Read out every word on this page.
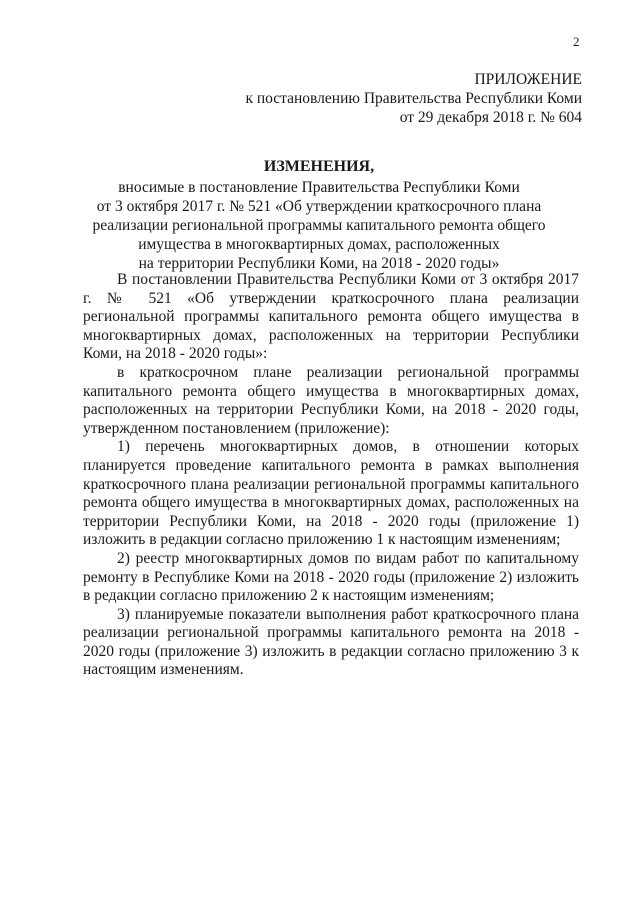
2
ПРИЛОЖЕНИЕ
к постановлению Правительства Республики Коми
от 29 декабря 2018 г. № 604
ИЗМЕНЕНИЯ,
вносимые в постановление Правительства Республики Коми
от 3 октября 2017 г. № 521 «Об утверждении краткосрочного плана
реализации региональной программы капитального ремонта общего
имущества в многоквартирных домах, расположенных
на территории Республики Коми, на 2018 - 2020 годы»

В постановлении Правительства Республики Коми от 3 октября 2017 г. № 521 «Об утверждении краткосрочного плана реализации региональной программы капитального ремонта общего имущества в многоквартирных домах, расположенных на территории Республики Коми, на 2018 - 2020 годы»:

в краткосрочном плане реализации региональной программы капитального ремонта общего имущества в многоквартирных домах, расположенных на территории Республики Коми, на 2018 - 2020 годы, утвержденном постановлением (приложение):

1) перечень многоквартирных домов, в отношении которых планируется проведение капитального ремонта в рамках выполнения краткосрочного плана реализации региональной программы капитального ремонта общего имущества в многоквартирных домах, расположенных на территории Республики Коми, на 2018 - 2020 годы (приложение 1) изложить в редакции согласно приложению 1 к настоящим изменениям;

2) реестр многоквартирных домов по видам работ по капитальному ремонту в Республике Коми на 2018 - 2020 годы (приложение 2) изложить в редакции согласно приложению 2 к настоящим изменениям;

3) планируемые показатели выполнения работ краткосрочного плана реализации региональной программы капитального ремонта на 2018 - 2020 годы (приложение 3) изложить в редакции согласно приложению 3 к настоящим изменениям.
